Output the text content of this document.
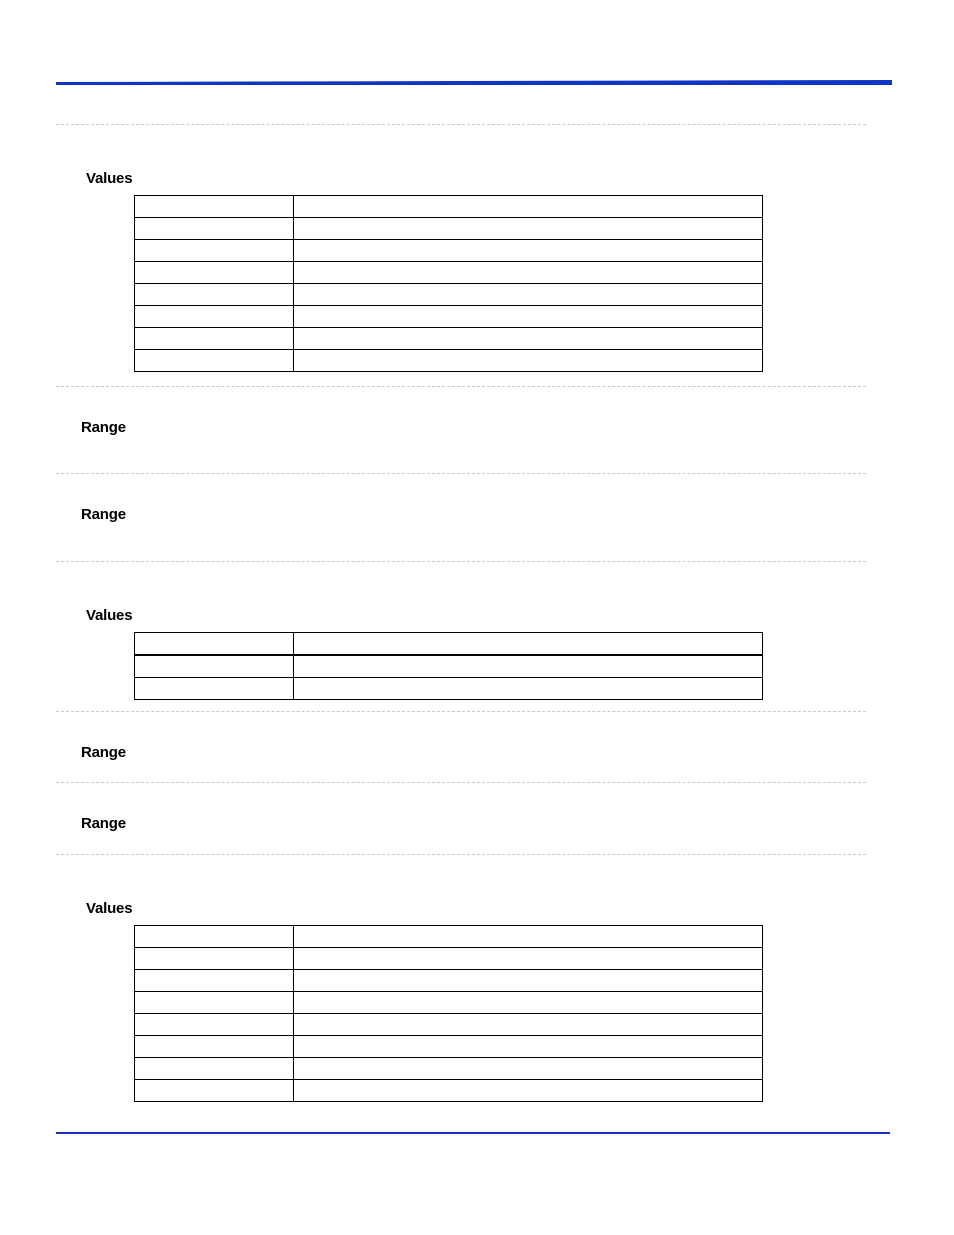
Values

Range
Range
Values

Range
Range
Values
